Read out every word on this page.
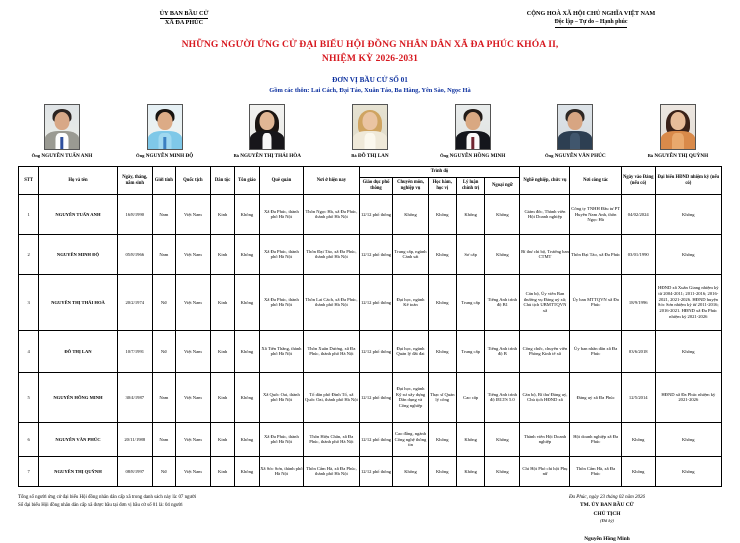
ỦY BAN BẦU CỬ
XÃ ĐA PHÚC
CỘNG HOÀ XÃ HỘI CHỦ NGHĨA VIỆT NAM
Độc lập – Tự do – Hạnh phúc
NHỮNG NGƯỜI ỨNG CỬ ĐẠI BIỂU HỘI ĐỒNG NHÂN DÂN XÃ ĐA PHÚC KHÓA II,
NHIỆM KỲ 2026-2031
ĐƠN VỊ BẦU CỬ SỐ 01
Gồm các thôn: Lai Cách, Đại Táo, Xuân Táo, Ba Hàng, Yên Sào, Ngọc Hà
Ông NGUYỄN TUẤN ANH	Ông NGUYỄN MINH ĐỘ	Bà NGUYỄN THỊ THÁI HÒA	Bà ĐỖ THỊ LAN	Ông NGUYỄN HỒNG MINH	Ông NGUYỄN VĂN PHÚC	Bà NGUYỄN THỊ QUỲNH
STT	Họ và tên	Ngày, tháng, năm sinh	Giới tính	Quốc tịch	Dân tộc	Tôn giáo	Quê quán	Nơi ở hiện nay	Trình độ					Nghề nghiệp, chức vụ	Nơi công tác	Ngày vào Đảng (nếu có)	Đại biểu HĐND nhiệm kỳ (nếu có)
									Giáo dục phổ thông	Chuyên môn, nghiệp vụ	Học hàm, học vị	Lý luận chính trị	Ngoại ngữ				
1	NGUYỄN TUẤN ANH	16/8/1990	Nam	Việt Nam	Kinh	Không	Xã Đa Phúc, thành phố Hà Nội	Thôn Ngọc Hà, xã Đa Phúc, thành phố Hà Nội	12/12 phổ thông	Không	Không	Không	Không	Giám đốc, Thành viên Hội Doanh nghiệp	Công ty TNHH Đầu tư PT Huyền Nam Anh, thôn Ngọc Hà	04/02/2024	Không
2	NGUYỄN MINH ĐỘ	05/8/1966	Nam	Việt Nam	Kinh	Không	Xã Đa Phúc, thành phố Hà Nội	Thôn Đại Táo, xã Đa Phúc, thành phố Hà Nội	12/12 phổ thông	Trung cấp, ngành Cảnh sát	Không	Sơ cấp	Không	Bí thư chi bộ, Trưởng ban CTMT	Thôn Đại Táo, xã Đa Phúc	03/01/1990	Không
3	NGUYỄN THỊ THÁI HOÀ	20/2/1974	Nữ	Việt Nam	Kinh	Không	Xã Đa Phúc, thành phố Hà Nội	Thôn Lai Cách, xã Đa Phúc, thành phố Hà Nội	12/12 phổ thông	Đại học, ngành Kế toán	Không	Trung cấp	Tiếng Anh trình độ B1	Cán bộ, Ủy viên Ban thường vụ Đảng uỷ xã; Chủ tịch UBMTTQVN xã	Ủy ban MTTQVN xã Đa Phúc	18/9/1996	HĐND xã Xuân Giang nhiệm kỳ từ 2004-2011; 2011-2016; 2016-2021, 2021-2026. HĐND huyện Sóc Sơn nhiệm kỳ từ 2011-2016; 2016-2021. HĐND xã Đa Phúc nhiệm kỳ 2021-2026
4	ĐỖ THỊ LAN	10/7/1991	Nữ	Việt Nam	Kinh	Không	Xã Tiến Thắng, thành phố Hà Nội	Thôn Xuân Dương, xã Đa Phúc, thành phố Hà Nội	12/12 phổ thông	Đại học, ngành Quản lý đất đai	Không	Trung cấp	Tiếng Anh trình độ B	Công chức, chuyên viên Phòng Kinh tế xã	Ủy ban nhân dân xã Đa Phúc	03/6/2018	Không
5	NGUYỄN HỒNG MINH	30/4/1987	Nam	Việt Nam	Kinh	Không	Xã Quốc Oai, thành phố Hà Nội	Tổ dân phố Đinh Tổ, xã Quốc Oai, thành phố Hà Nội	12/12 phổ thông	Đại học, ngành Kỹ sư xây dựng Dân dụng và Công nghiệp	Thạc sĩ Quản lý công	Cao cấp	Tiếng Anh trình độ IELTS 5.0	Cán bộ, Bí thư Đảng uỷ, Chủ tịch HĐND xã	Đảng uỷ xã Đa Phúc	12/5/2014	HĐND xã Đa Phúc nhiệm kỳ 2021-2026
6	NGUYỄN VĂN PHÚC	20/11/1988	Nam	Việt Nam	Kinh	Không	Xã Đa Phúc, thành phố Hà Nội	Thôn Hiệu Chân, xã Đa Phúc, thành phố Hà Nội	12/12 phổ thông	Cao đẳng, ngành Công nghệ thông tin	Không	Không	Không	Thành viên Hội Doanh nghiệp	Hội doanh nghiệp xã Đa Phúc	Không	Không
7	NGUYỄN THỊ QUỲNH	08/8/1997	Nữ	Việt Nam	Kinh	Không	Xã Sóc Sơn, thành phố Hà Nội	Thôn Cẩm Hà, xã Đa Phúc, thành phố Hà Nội	12/12 phổ thông	Không	Không	Không	Không	Chi Hội Phó chi hội Phụ nữ	Thôn Cẩm Hà, xã Đa Phúc	Không	Không
Tổng số người ứng cử đại biểu Hội đồng nhân dân cấp xã trong danh sách này là: 07 người
Số đại biểu Hội đồng nhân dân cấp xã được bầu tại đơn vị bầu cử số 01 là: 04 người
Đa Phúc, ngày 23 tháng 02 năm 2026
TM. ỦY BAN BẦU CỬ
CHỦ TỊCH
(Đã ký)
Nguyễn Hồng Minh
